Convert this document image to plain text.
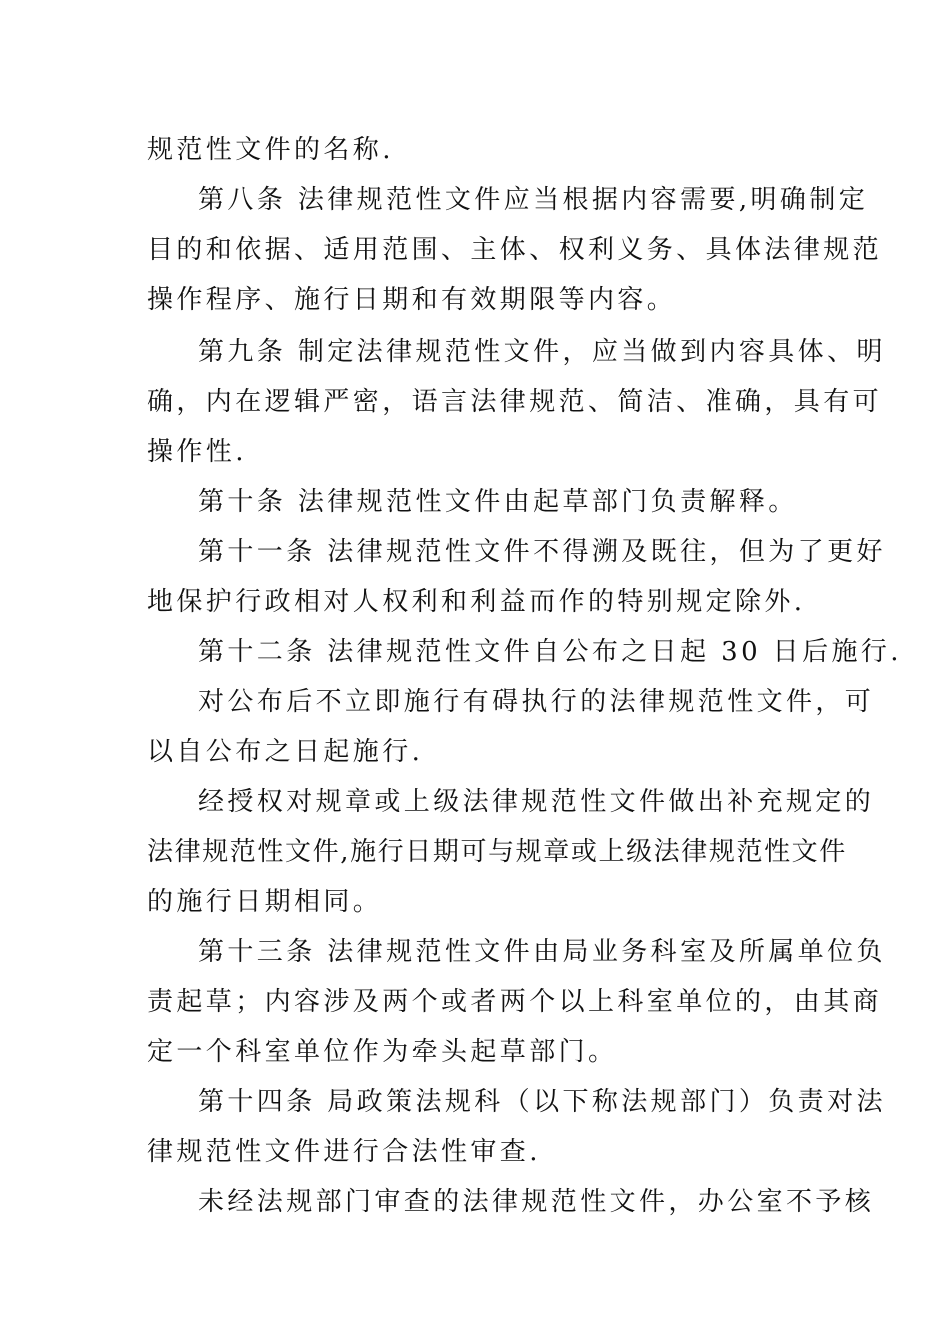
规范性文件的名称.
第八条 法律规范性文件应当根据内容需要,明确制定
目的和依据、适用范围、主体、权利义务、具体法律规范
操作程序、施行日期和有效期限等内容。
第九条 制定法律规范性文件，应当做到内容具体、明
确，内在逻辑严密，语言法律规范、简洁、准确，具有可
操作性.
第十条 法律规范性文件由起草部门负责解释。
第十一条 法律规范性文件不得溯及既往，但为了更好
地保护行政相对人权利和利益而作的特别规定除外.
第十二条 法律规范性文件自公布之日起 30 日后施行.
对公布后不立即施行有碍执行的法律规范性文件，可
以自公布之日起施行.
经授权对规章或上级法律规范性文件做出补充规定的
法律规范性文件,施行日期可与规章或上级法律规范性文件
的施行日期相同。
第十三条 法律规范性文件由局业务科室及所属单位负
责起草；内容涉及两个或者两个以上科室单位的，由其商
定一个科室单位作为牵头起草部门。
第十四条 局政策法规科（以下称法规部门）负责对法
律规范性文件进行合法性审查.
未经法规部门审查的法律规范性文件，办公室不予核
